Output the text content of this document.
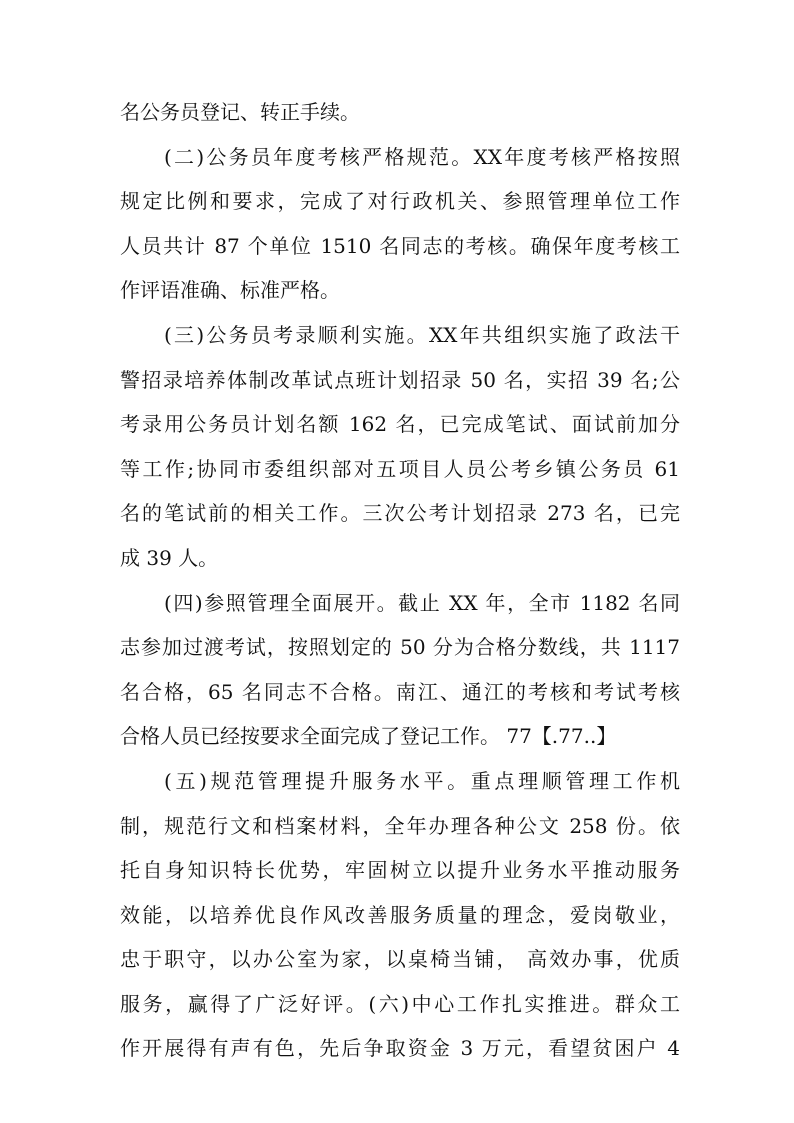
名公务员登记、转正手续。
(二)公务员年度考核严格规范。XX年度考核严格按照
规定比例和要求，完成了对行政机关、参照管理单位工作
人员共计 87 个单位 1510 名同志的考核。确保年度考核工
作评语准确、标准严格。
(三)公务员考录顺利实施。XX年共组织实施了政法干
警招录培养体制改革试点班计划招录 50 名，实招 39 名;公
考录用公务员计划名额 162 名，已完成笔试、面试前加分
等工作;协同市委组织部对五项目人员公考乡镇公务员 61
名的笔试前的相关工作。三次公考计划招录 273 名，已完
成 39 人。
(四)参照管理全面展开。截止 XX 年，全市 1182 名同
志参加过渡考试，按照划定的 50 分为合格分数线，共 1117
名合格，65 名同志不合格。南江、通江的考核和考试考核
合格人员已经按要求全面完成了登记工作。 77【.77..】
(五)规范管理提升服务水平。重点理顺管理工作机
制，规范行文和档案材料，全年办理各种公文 258 份。依
托自身知识特长优势，牢固树立以提升业务水平推动服务
效能，以培养优良作风改善服务质量的理念，爱岗敬业，
忠于职守，以办公室为家，以桌椅当铺， 高效办事，优质
服务，赢得了广泛好评。(六)中心工作扎实推进。群众工
作开展得有声有色，先后争取资金 3 万元，看望贫困户 4
